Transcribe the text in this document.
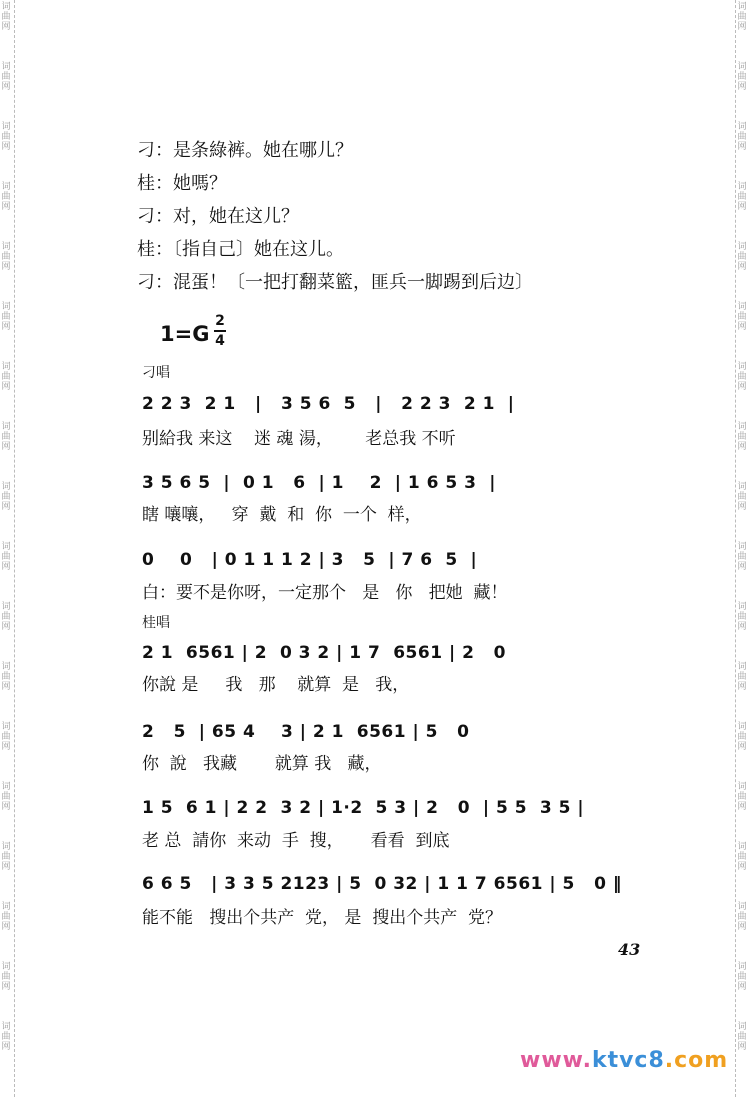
词
曲
网
词
曲
网
词
曲
网
词
曲
网
词
曲
网
词
曲
网
词
曲
网
词
曲
网
词
曲
网
词
曲
网
词
曲
网
词
曲
网
词
曲
网
词
曲
网
词
曲
网
词
曲
网
词
曲
网
词
曲
网
词
曲
网
词
曲
网
词
曲
网
词
曲
网
词
曲
网
词
曲
网
词
曲
网
词
曲
网
词
曲
网
词
曲
网
词
曲
网
词
曲
网
词
曲
网
词
曲
网
词
曲
网
词
曲
网
词
曲
网
词
曲
网
刁：是条綠裤。她在哪儿？
桂：她嗎？
刁：对，她在这儿？
桂：〔指自己〕她在这儿。
刁：混蛋！〔一把打翻菜籃，匪兵一脚踢到后边〕
1=G
2
4
刁唱
2 2 3  2 1   |   3 5 6  5   |   2 2 3  2 1  |
别給我 来这    迷 魂 湯，      老总我 不听
3 5 6 5  |  0 1   6  | 1    2  | 1 6 5 3  |
瞎 嚷嚷，   穿  戴  和  你  一个  样，
0    0   | 0 1 1 1 2 | 3   5  | 7 6  5  |
白：要不是你呀，一定那个   是   你   把她  藏！
桂唱
2 1  6561 | 2  0 3 2 | 1 7  6561 | 2   0
你說 是     我   那    就算  是   我，
2   5  | 65 4    3 | 2 1  6561 | 5   0
你  說   我藏       就算 我   藏，
1 5  6 1 | 2 2  3 2 | 1·2  5 3 | 2   0  | 5 5  3 5 |
老 总  請你  来动  手  搜，     看看  到底
6 6 5   | 3 3 5 2123 | 5  0 32 | 1 1 7 6561 | 5   0 ‖
能不能   搜出个共产  党， 是  搜出个共产  党？
43
www.ktvc8.com
